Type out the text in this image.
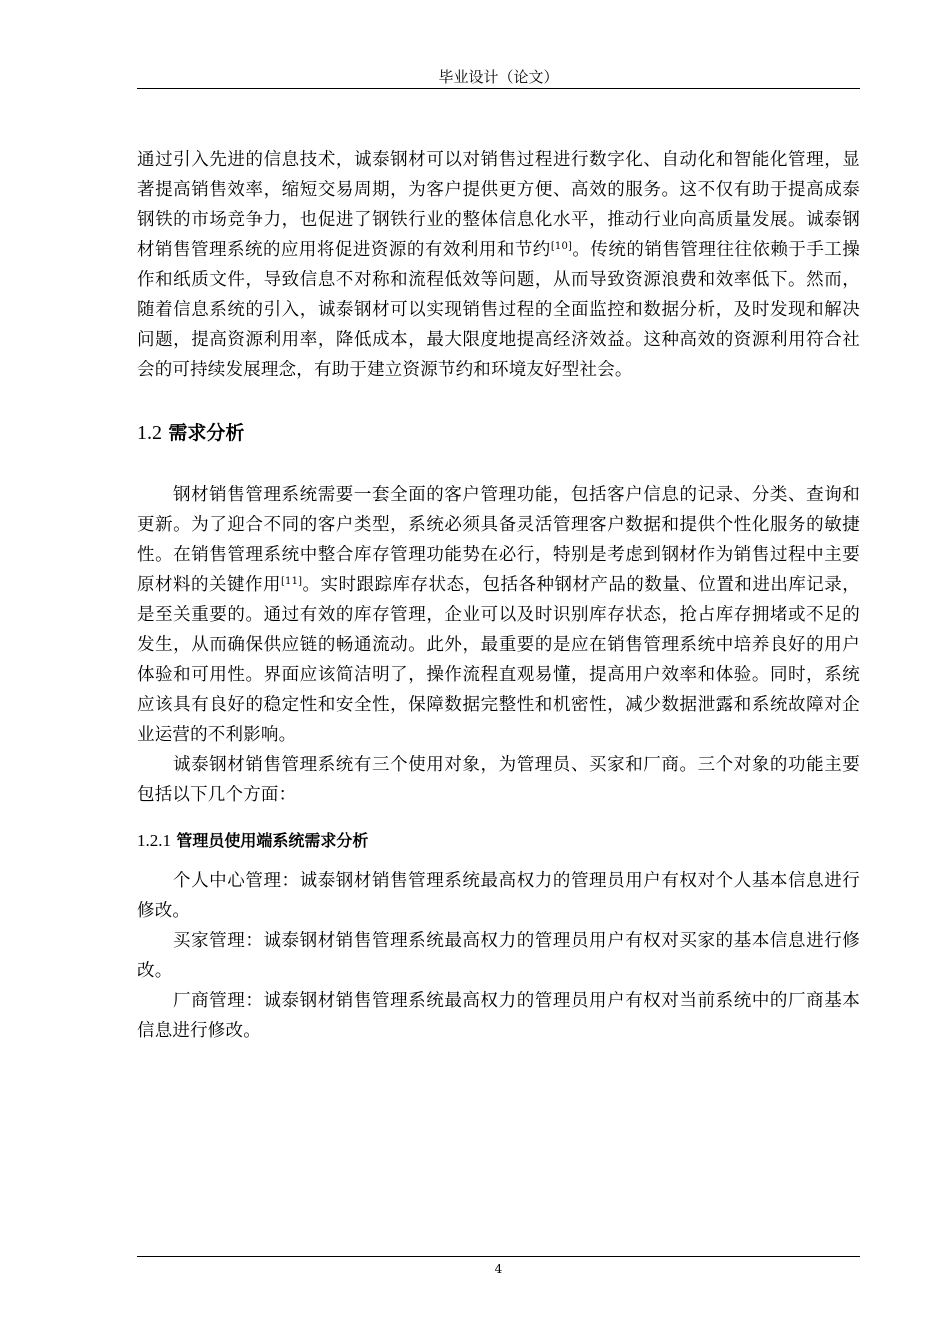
毕业设计（论文）

通过引入先进的信息技术，诚泰钢材可以对销售过程进行数字化、自动化和智能化管理，显著提高销售效率，缩短交易周期，为客户提供更方便、高效的服务。这不仅有助于提高成泰钢铁的市场竞争力，也促进了钢铁行业的整体信息化水平，推动行业向高质量发展。诚泰钢材销售管理系统的应用将促进资源的有效利用和节约[10]。传统的销售管理往往依赖于手工操作和纸质文件，导致信息不对称和流程低效等问题，从而导致资源浪费和效率低下。然而，随着信息系统的引入，诚泰钢材可以实现销售过程的全面监控和数据分析，及时发现和解决问题，提高资源利用率，降低成本，最大限度地提高经济效益。这种高效的资源利用符合社会的可持续发展理念，有助于建立资源节约和环境友好型社会。

1.2 需求分析

钢材销售管理系统需要一套全面的客户管理功能，包括客户信息的记录、分类、查询和更新。为了迎合不同的客户类型，系统必须具备灵活管理客户数据和提供个性化服务的敏捷性。在销售管理系统中整合库存管理功能势在必行，特别是考虑到钢材作为销售过程中主要原材料的关键作用[11]。实时跟踪库存状态，包括各种钢材产品的数量、位置和进出库记录，是至关重要的。通过有效的库存管理，企业可以及时识别库存状态，抢占库存拥堵或不足的发生，从而确保供应链的畅通流动。此外，最重要的是应在销售管理系统中培养良好的用户体验和可用性。界面应该简洁明了，操作流程直观易懂，提高用户效率和体验。同时，系统应该具有良好的稳定性和安全性，保障数据完整性和机密性，减少数据泄露和系统故障对企业运营的不利影响。

诚泰钢材销售管理系统有三个使用对象，为管理员、买家和厂商。三个对象的功能主要包括以下几个方面：

1.2.1 管理员使用端系统需求分析

个人中心管理：诚泰钢材销售管理系统最高权力的管理员用户有权对个人基本信息进行修改。

买家管理：诚泰钢材销售管理系统最高权力的管理员用户有权对买家的基本信息进行修改。

厂商管理：诚泰钢材销售管理系统最高权力的管理员用户有权对当前系统中的厂商基本信息进行修改。

4
